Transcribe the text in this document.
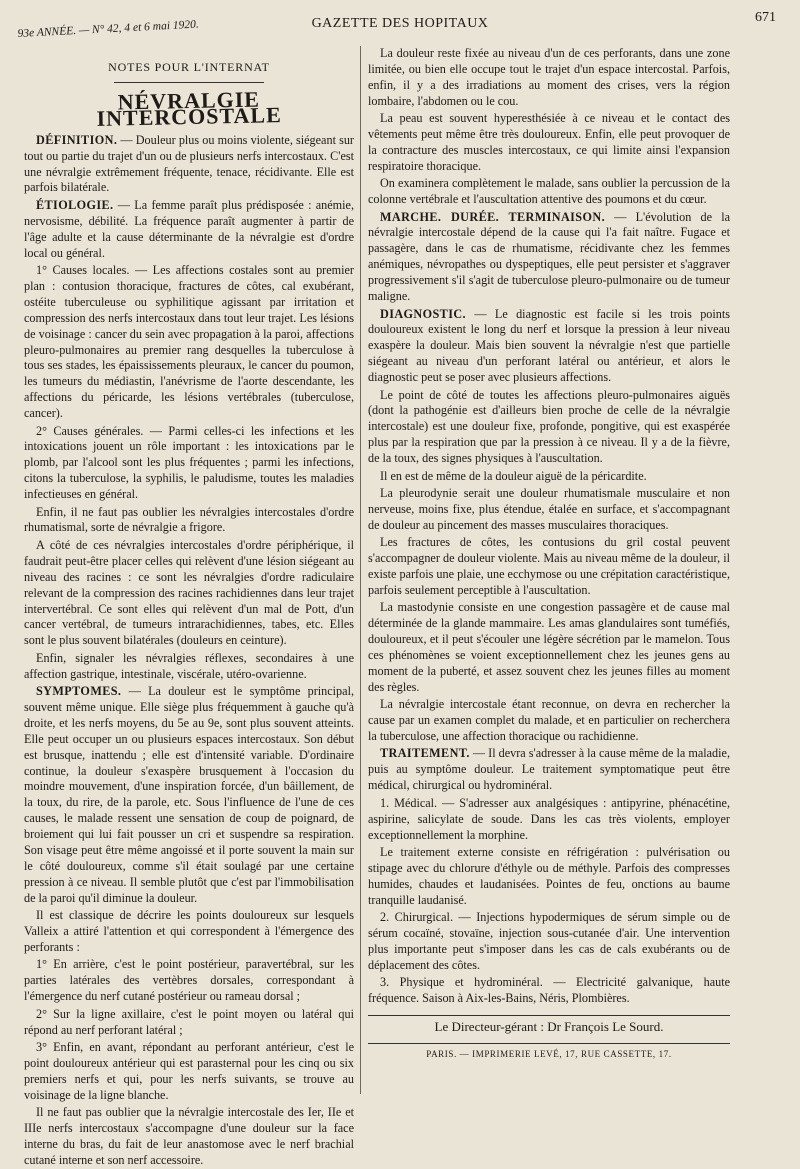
93e ANNÉE. — N° 42, 4 et 6 mai 1920.	GAZETTE DES HOPITAUX	671
NOTES POUR L'INTERNAT
NÉVRALGIE INTERCOSTALE

DÉFINITION. — Douleur plus ou moins violente, siégeant sur tout ou partie du trajet d'un ou de plusieurs nerfs intercostaux. C'est une névralgie extrêmement fréquente, tenace, récidivante. Elle est parfois bilatérale.

ÉTIOLOGIE. — La femme paraît plus prédisposée : anémie, nervosisme, débilité. La fréquence paraît augmenter à partir de l'âge adulte et la cause déterminante de la névralgie est d'ordre local ou général.

1° Causes locales. — Les affections costales sont au premier plan : contusion thoracique, fractures de côtes, cal exubérant, ostéite tuberculeuse ou syphilitique agissant par irritation et compression des nerfs intercostaux dans tout leur trajet. Les lésions de voisinage : cancer du sein avec propagation à la paroi, affections pleuro-pulmonaires au premier rang desquelles la tuberculose à tous ses stades, les épaississements pleuraux, le cancer du poumon, les tumeurs du médiastin, l'anévrisme de l'aorte descendante, les affections du péricarde, les lésions vertébrales (tuberculose, cancer).

2° Causes générales. — Parmi celles-ci les infections et les intoxications jouent un rôle important : les intoxications par le plomb, par l'alcool sont les plus fréquentes ; parmi les infections, citons la tuberculose, la syphilis, le paludisme, toutes les maladies infectieuses en général.

Enfin, il ne faut pas oublier les névralgies intercostales d'ordre rhumatismal, sorte de névralgie a frigore.

A côté de ces névralgies intercostales d'ordre périphérique, il faudrait peut-être placer celles qui relèvent d'une lésion siégeant au niveau des racines : ce sont les névralgies d'ordre radiculaire relevant de la compression des racines rachidiennes dans leur trajet intervertébral. Ce sont elles qui relèvent d'un mal de Pott, d'un cancer vertébral, de tumeurs intrarachidiennes, tabes, etc. Elles sont le plus souvent bilatérales (douleurs en ceinture).

Enfin, signaler les névralgies réflexes, secondaires à une affection gastrique, intestinale, viscérale, utéro-ovarienne.

SYMPTOMES. — La douleur est le symptôme principal, souvent même unique. Elle siège plus fréquemment à gauche qu'à droite, et les nerfs moyens, du 5e au 9e, sont plus souvent atteints. Elle peut occuper un ou plusieurs espaces intercostaux. Son début est brusque, inattendu ; elle est d'intensité variable. D'ordinaire continue, la douleur s'exaspère brusquement à l'occasion du moindre mouvement, d'une inspiration forcée, d'un bâillement, de la toux, du rire, de la parole, etc. Sous l'influence de l'une de ces causes, le malade ressent une sensation de coup de poignard, de broiement qui lui fait pousser un cri et suspendre sa respiration. Son visage peut être même angoissé et il porte souvent la main sur le côté douloureux, comme s'il était soulagé par une certaine pression à ce niveau. Il semble plutôt que c'est par l'immobilisation de la paroi qu'il diminue la douleur.

Il est classique de décrire les points douloureux sur lesquels Valleix a attiré l'attention et qui correspondent à l'émergence des perforants :

1° En arrière, c'est le point postérieur, paravertébral, sur les parties latérales des vertèbres dorsales, correspondant à l'émergence du nerf cutané postérieur ou rameau dorsal ;

2° Sur la ligne axillaire, c'est le point moyen ou latéral qui répond au nerf perforant latéral ;

3° Enfin, en avant, répondant au perforant antérieur, c'est le point douloureux antérieur qui est parasternal pour les cinq ou six premiers nerfs et qui, pour les nerfs suivants, se trouve au voisinage de la ligne blanche.

Il ne faut pas oublier que la névralgie intercostale des Ier, IIe et IIIe nerfs intercostaux s'accompagne d'une douleur sur la face interne du bras, du fait de leur anastomose avec le nerf brachial cutané interne et son nerf accessoire.

La douleur reste fixée au niveau d'un de ces perforants, dans une zone limitée, ou bien elle occupe tout le trajet d'un espace intercostal. Parfois, enfin, il y a des irradiations au moment des crises, vers la région lombaire, l'abdomen ou le cou.

La peau est souvent hyperesthésiée à ce niveau et le contact des vêtements peut même être très douloureux. Enfin, elle peut provoquer de la contracture des muscles intercostaux, ce qui limite ainsi l'expansion respiratoire thoracique.

On examinera complètement le malade, sans oublier la percussion de la colonne vertébrale et l'auscultation attentive des poumons et du cœur.

MARCHE. DURÉE. TERMINAISON. — L'évolution de la névralgie intercostale dépend de la cause qui l'a fait naître. Fugace et passagère, dans le cas de rhumatisme, récidivante chez les femmes anémiques, névropathes ou dyspeptiques, elle peut persister et s'aggraver progressivement s'il s'agit de tuberculose pleuro-pulmonaire ou de tumeur maligne.

DIAGNOSTIC. — Le diagnostic est facile si les trois points douloureux existent le long du nerf et lorsque la pression à leur niveau exaspère la douleur. Mais bien souvent la névralgie n'est que partielle siégeant au niveau d'un perforant latéral ou antérieur, et alors le diagnostic peut se poser avec plusieurs affections.

Le point de côté de toutes les affections pleuro-pulmonaires aiguës (dont la pathogénie est d'ailleurs bien proche de celle de la névralgie intercostale) est une douleur fixe, profonde, pongitive, qui est exaspérée plus par la respiration que par la pression à ce niveau. Il y a de la fièvre, de la toux, des signes physiques à l'auscultation.

Il en est de même de la douleur aiguë de la péricardite.

La pleurodynie serait une douleur rhumatismale musculaire et non nerveuse, moins fixe, plus étendue, étalée en surface, et s'accompagnant de douleur au pincement des masses musculaires thoraciques.

Les fractures de côtes, les contusions du gril costal peuvent s'accompagner de douleur violente. Mais au niveau même de la douleur, il existe parfois une plaie, une ecchymose ou une crépitation caractéristique, parfois seulement perceptible à l'auscultation.

La mastodynie consiste en une congestion passagère et de cause mal déterminée de la glande mammaire. Les amas glandulaires sont tuméfiés, douloureux, et il peut s'écouler une légère sécrétion par le mamelon. Tous ces phénomènes se voient exceptionnellement chez les jeunes gens au moment de la puberté, et assez souvent chez les jeunes filles au moment des règles.

La névralgie intercostale étant reconnue, on devra en rechercher la cause par un examen complet du malade, et en particulier on recherchera la tuberculose, une affection thoracique ou rachidienne.

TRAITEMENT. — Il devra s'adresser à la cause même de la maladie, puis au symptôme douleur. Le traitement symptomatique peut être médical, chirurgical ou hydrominéral.

1. Médical. — S'adresser aux analgésiques : antipyrine, phénacétine, aspirine, salicylate de soude. Dans les cas très violents, employer exceptionnellement la morphine.

Le traitement externe consiste en réfrigération : pulvérisation ou stipage avec du chlorure d'éthyle ou de méthyle. Parfois des compresses humides, chaudes et laudanisées. Pointes de feu, onctions au baume tranquille laudanisé.

2. Chirurgical. — Injections hypodermiques de sérum simple ou de sérum cocaïné, stovaïne, injection sous-cutanée d'air. Une intervention plus importante peut s'imposer dans les cas de cals exubérants ou de déplacement des côtes.

3. Physique et hydrominéral. — Electricité galvanique, haute fréquence. Saison à Aix-les-Bains, Néris, Plombières.

Le Directeur-gérant : Dr François Le Sourd.
PARIS. — IMPRIMERIE LEVÉ, 17, RUE CASSETTE, 17.
